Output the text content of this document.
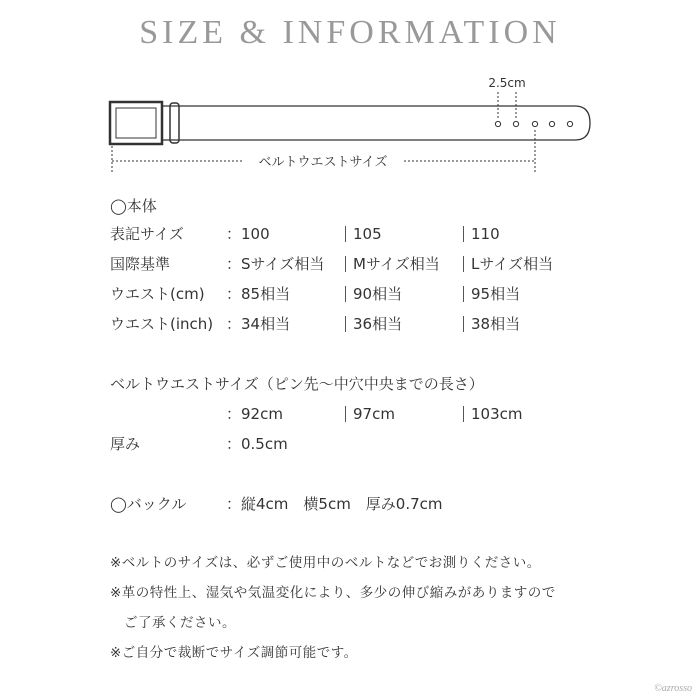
SIZE & INFORMATION
2.5cm
ベルトウエストサイズ
◯本体
表記サイズ	：100	105	110
国際基準	：Sサイズ相当 Mサイズ相当 Lサイズ相当
ウエスト(cm) ：85相当	90相当	95相当
ウエスト(inch) ：34相当	36相当	38相当
ベルトウエストサイズ（ピン先～中穴中央までの長さ）
：92cm	97cm	103cm
厚み	：0.5cm
◯バックル	：縦4cm　横5cm　厚み0.7cm
※ベルトのサイズは、必ずご使用中のベルトなどでお測りください。
※革の特性上、湿気や気温変化により、多少の伸び縮みがありますので
　ご了承ください。
※ご自分で裁断でサイズ調節可能です。
©azrosso
